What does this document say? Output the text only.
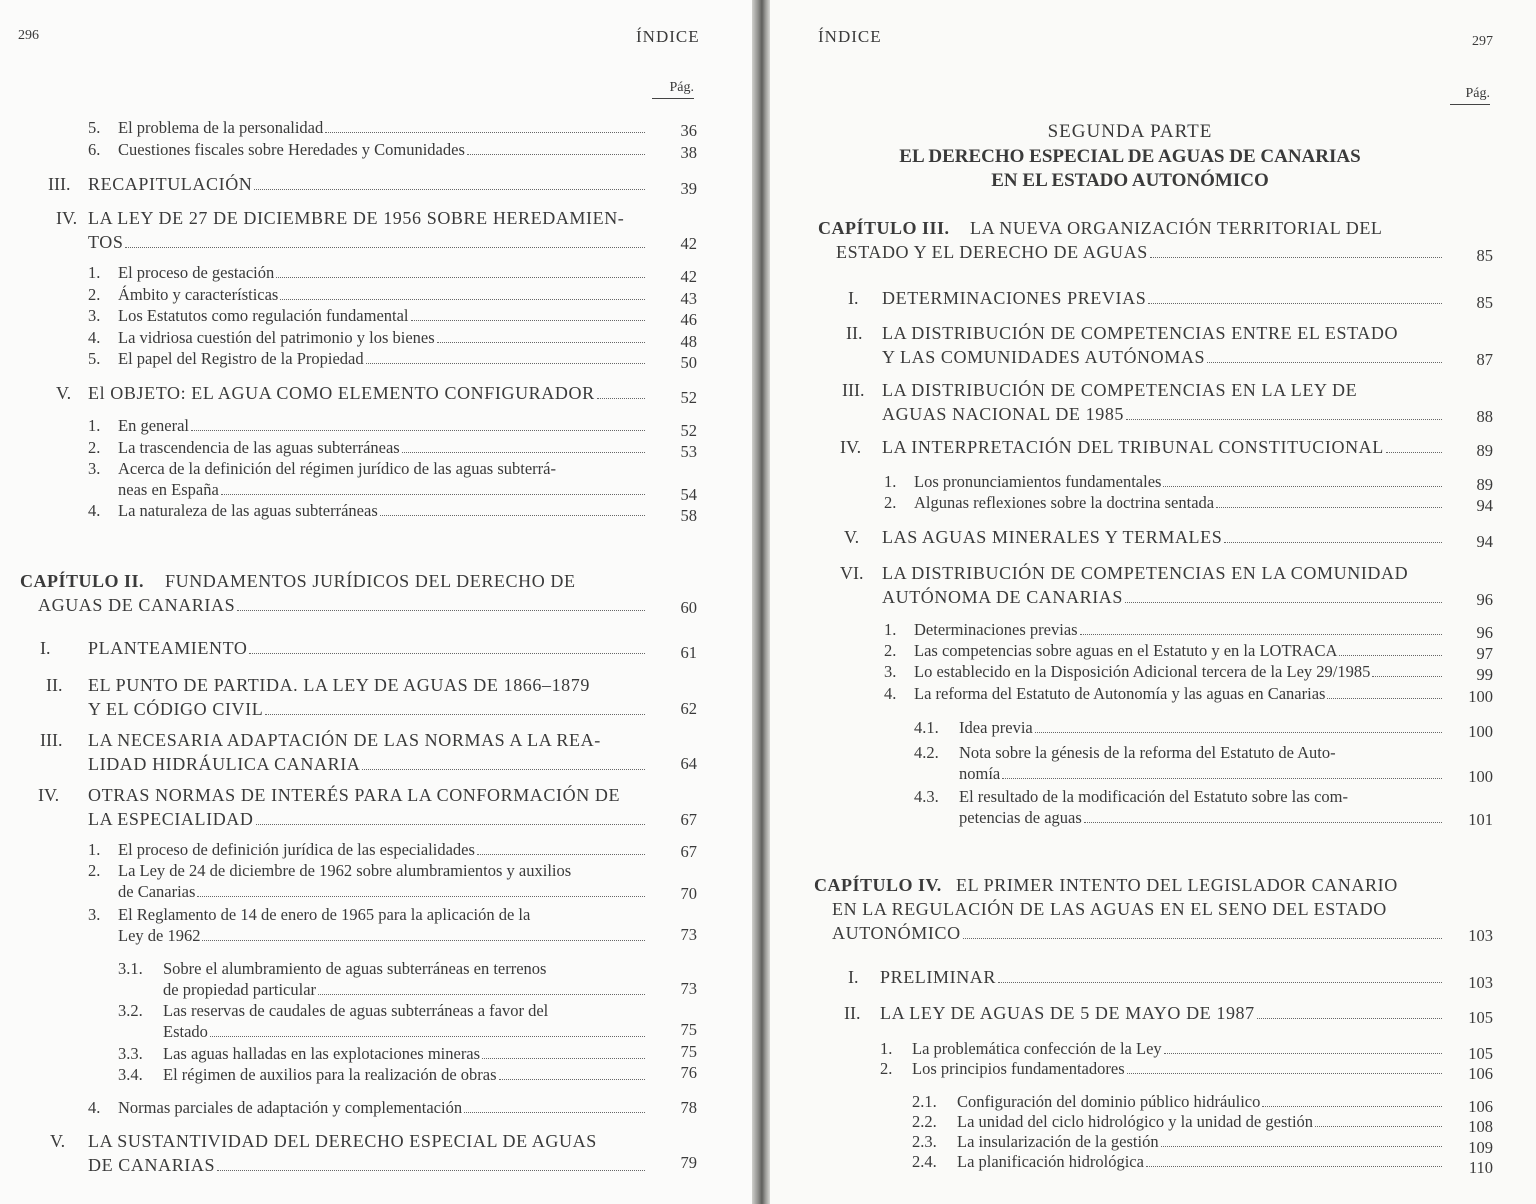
296	ÍNDICE
Pág.
5. El problema de la personalidad	36
6. Cuestiones fiscales sobre Heredades y Comunidades	38
III. RECAPITULACIÓN	39
IV. LA LEY DE 27 DE DICIEMBRE DE 1956 SOBRE HEREDAMIEN-
TOS	42
1. El proceso de gestación	42
2. Ámbito y características	43
3. Los Estatutos como regulación fundamental	46
4. La vidriosa cuestión del patrimonio y los bienes	48
5. El papel del Registro de la Propiedad	50
V. El OBJETO: EL AGUA COMO ELEMENTO CONFIGURADOR	52
1. En general	52
2. La trascendencia de las aguas subterráneas	53
3. Acerca de la definición del régimen jurídico de las aguas subterrá-
neas en España	54
4. La naturaleza de las aguas subterráneas	58
CAPÍTULO II. FUNDAMENTOS JURÍDICOS DEL DERECHO DE
AGUAS DE CANARIAS	60
I. PLANTEAMIENTO	61
II. EL PUNTO DE PARTIDA. LA LEY DE AGUAS DE 1866–1879
Y EL CÓDIGO CIVIL	62
III. LA NECESARIA ADAPTACIÓN DE LAS NORMAS A LA REA-
LIDAD HIDRÁULICA CANARIA	64
IV. OTRAS NORMAS DE INTERÉS PARA LA CONFORMACIÓN DE
LA ESPECIALIDAD	67
1. El proceso de definición jurídica de las especialidades	67
2. La Ley de 24 de diciembre de 1962 sobre alumbramientos y auxilios
de Canarias	70
3. El Reglamento de 14 de enero de 1965 para la aplicación de la
Ley de 1962	73
3.1. Sobre el alumbramiento de aguas subterráneas en terrenos
de propiedad particular	73
3.2. Las reservas de caudales de aguas subterráneas a favor del
Estado	75
3.3. Las aguas halladas en las explotaciones mineras	75
3.4. El régimen de auxilios para la realización de obras	76
4. Normas parciales de adaptación y complementación	78
V. LA SUSTANTIVIDAD DEL DERECHO ESPECIAL DE AGUAS
DE CANARIAS	79
ÍNDICE	297
Pág.
SEGUNDA PARTE
EL DERECHO ESPECIAL DE AGUAS DE CANARIAS
EN EL ESTADO AUTONÓMICO
CAPÍTULO III. LA NUEVA ORGANIZACIÓN TERRITORIAL DEL
ESTADO Y EL DERECHO DE AGUAS	85
I. DETERMINACIONES PREVIAS	85
II. LA DISTRIBUCIÓN DE COMPETENCIAS ENTRE EL ESTADO
Y LAS COMUNIDADES AUTÓNOMAS	87
III. LA DISTRIBUCIÓN DE COMPETENCIAS EN LA LEY DE
AGUAS NACIONAL DE 1985	88
IV. LA INTERPRETACIÓN DEL TRIBUNAL CONSTITUCIONAL	89
1. Los pronunciamientos fundamentales	89
2. Algunas reflexiones sobre la doctrina sentada	94
V. LAS AGUAS MINERALES Y TERMALES	94
VI. LA DISTRIBUCIÓN DE COMPETENCIAS EN LA COMUNIDAD
AUTÓNOMA DE CANARIAS	96
1. Determinaciones previas	96
2. Las competencias sobre aguas en el Estatuto y en la LOTRACA	97
3. Lo establecido en la Disposición Adicional tercera de la Ley 29/1985	99
4. La reforma del Estatuto de Autonomía y las aguas en Canarias	100
4.1. Idea previa	100
4.2. Nota sobre la génesis de la reforma del Estatuto de Auto-
nomía	100
4.3. El resultado de la modificación del Estatuto sobre las com-
petencias de aguas	101
CAPÍTULO IV. EL PRIMER INTENTO DEL LEGISLADOR CANARIO
EN LA REGULACIÓN DE LAS AGUAS EN EL SENO DEL ESTADO
AUTONÓMICO	103
I. PRELIMINAR	103
II. LA LEY DE AGUAS DE 5 DE MAYO DE 1987	105
1. La problemática confección de la Ley	105
2. Los principios fundamentadores	106
2.1. Configuración del dominio público hidráulico	106
2.2. La unidad del ciclo hidrológico y la unidad de gestión	108
2.3. La insularización de la gestión	109
2.4. La planificación hidrológica	110
